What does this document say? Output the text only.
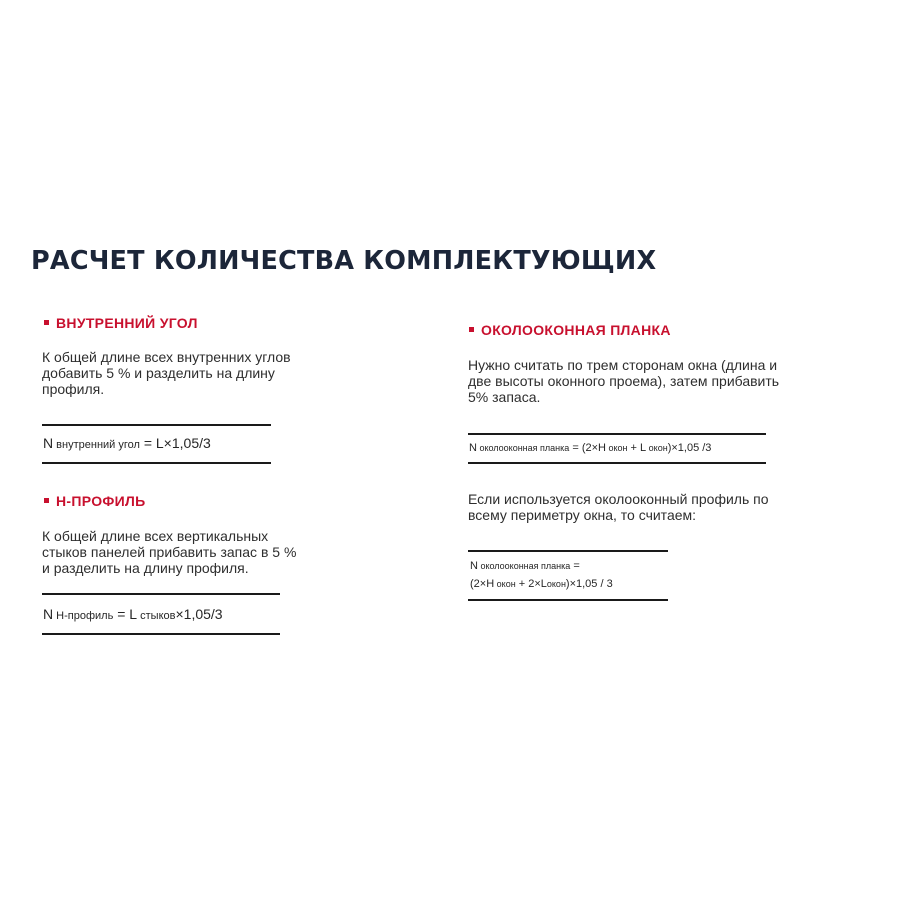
РАСЧЕТ КОЛИЧЕСТВА КОМПЛЕКТУЮЩИХ
ВНУТРЕННИЙ УГОЛ
К общей длине всех внутренних углов
добавить 5 % и разделить на длину
профиля.
N внутренний угол = L×1,05/3
Н-ПРОФИЛЬ
К общей длине всех вертикальных
стыков панелей прибавить запас в 5 %
и разделить на длину профиля.
N Н-профиль = L стыков×1,05/3
ОКОЛООКОННАЯ ПЛАНКА
Нужно считать по трем сторонам окна (длина и
две высоты оконного проема), затем прибавить
5% запаса.
N околооконная планка = (2×H окон + L окон)×1,05 /3
Если используется околооконный профиль по
всему периметру окна, то считаем:
N околооконная планка =
(2×H окон + 2×Lокон)×1,05 / 3
